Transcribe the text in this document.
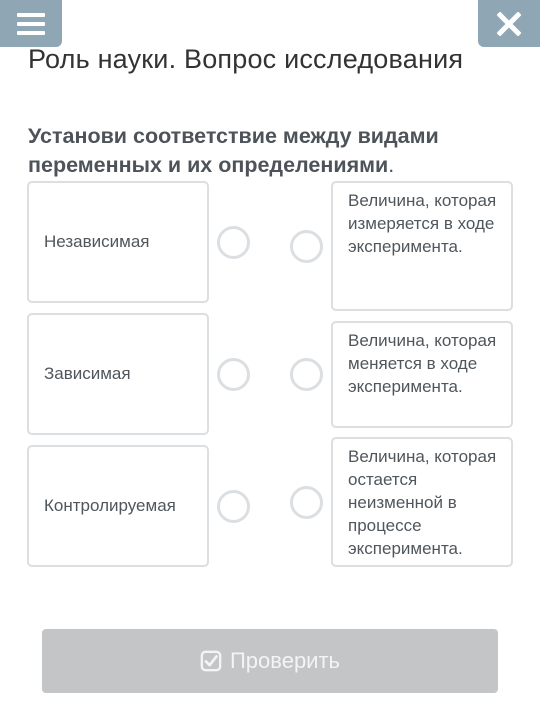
Роль науки. Вопрос исследования

Установи соответствие между видами переменных и их определениями.

Независимая
Зависимая
Контролируемая
Величина, которая измеряется в ходе эксперимента.
Величина, которая меняется в ходе эксперимента.
Величина, которая остается неизменной в процессе эксперимента.
Проверить
